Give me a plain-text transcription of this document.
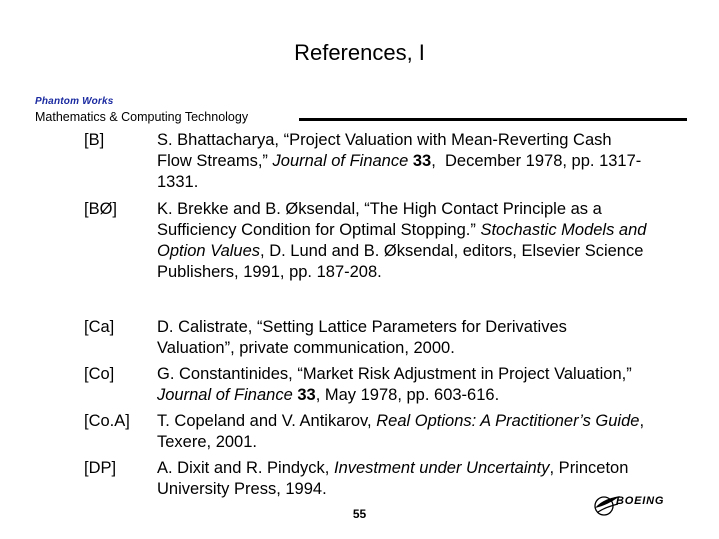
References, I
Phantom Works
Mathematics & Computing Technology
[B]	S. Bhattacharya, “Project Valuation with Mean-Reverting Cash Flow Streams,” Journal of Finance 33,  December 1978, pp. 1317-1331.
[BØ] K. Brekke and B. Øksendal, “The High Contact Principle as a Sufficiency Condition for Optimal Stopping.” Stochastic Models and Option Values, D. Lund and B. Øksendal, editors, Elsevier Science Publishers, 1991, pp. 187-208.
[Ca]	D. Calistrate, “Setting Lattice Parameters for Derivatives Valuation”, private communication, 2000.
[Co]	G. Constantinides, “Market Risk Adjustment in Project Valuation,” Journal of Finance 33, May 1978, pp. 603-616.
[Co.A] T. Copeland and V. Antikarov, Real Options: A Practitioner’s Guide, Texere, 2001.
[DP] A. Dixit and R. Pindyck, Investment under Uncertainty, Princeton University Press, 1994.
55
BOEING
